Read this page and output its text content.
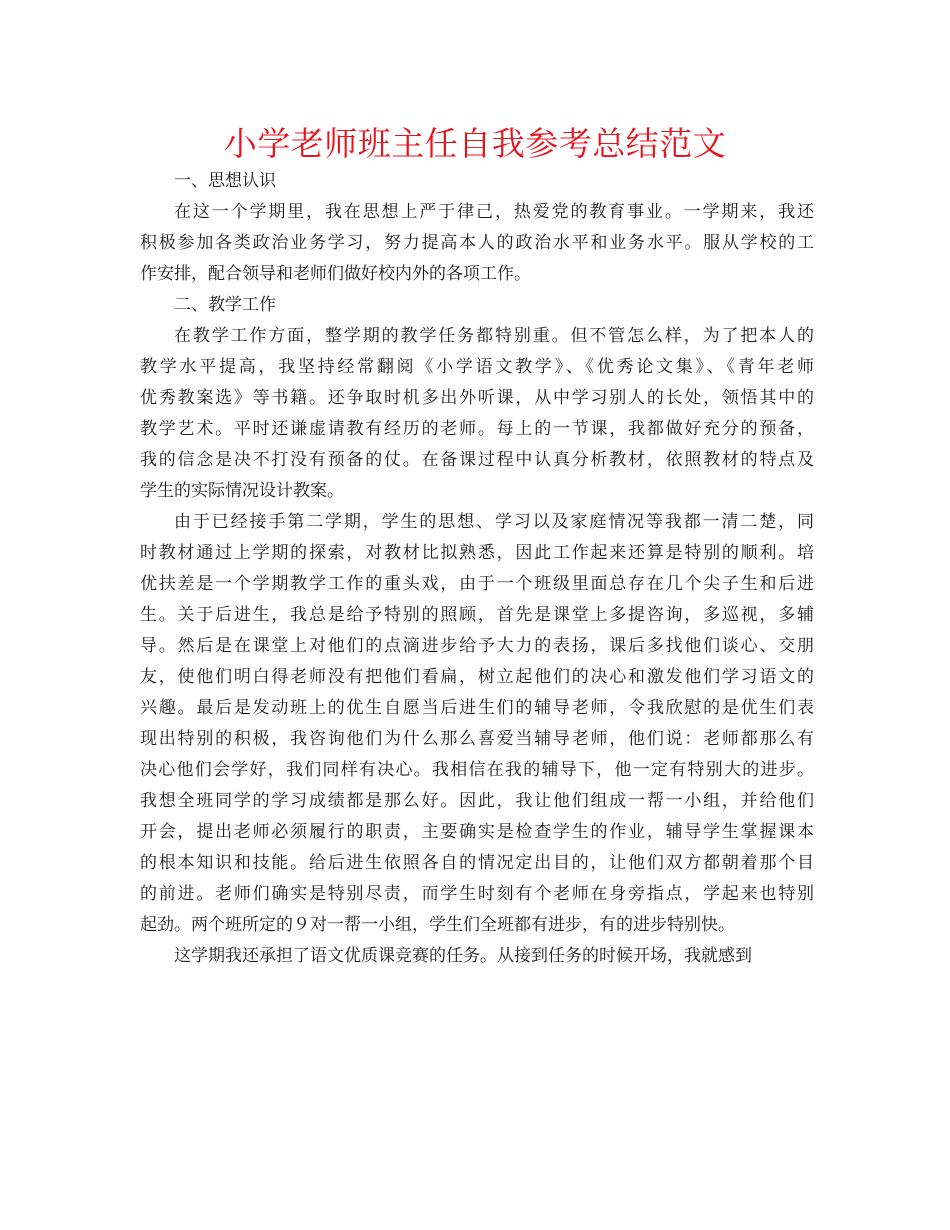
小学老师班主任自我参考总结范文

一、思想认识

在这一个学期里，我在思想上严于律己，热爱党的教育事业。一学期来，我还
积极参加各类政治业务学习，努力提高本人的政治水平和业务水平。服从学校的工
作安排，配合领导和老师们做好校内外的各项工作。

二、教学工作

在教学工作方面，整学期的教学任务都特别重。但不管怎么样，为了把本人的
教学水平提高，我坚持经常翻阅《小学语文教学》、《优秀论文集》、《青年老师
优秀教案选》等书籍。还争取时机多出外听课，从中学习别人的长处，领悟其中的
教学艺术。平时还谦虚请教有经历的老师。每上的一节课，我都做好充分的预备，
我的信念是决不打没有预备的仗。在备课过程中认真分析教材，依照教材的特点及
学生的实际情况设计教案。
由于已经接手第二学期，学生的思想、学习以及家庭情况等我都一清二楚，同
时教材通过上学期的探索，对教材比拟熟悉，因此工作起来还算是特别的顺利。培
优扶差是一个学期教学工作的重头戏，由于一个班级里面总存在几个尖子生和后进
生。关于后进生，我总是给予特别的照顾，首先是课堂上多提咨询，多巡视，多辅
导。然后是在课堂上对他们的点滴进步给予大力的表扬，课后多找他们谈心、交朋
友，使他们明白得老师没有把他们看扁，树立起他们的决心和激发他们学习语文的
兴趣。最后是发动班上的优生自愿当后进生们的辅导老师，令我欣慰的是优生们表
现出特别的积极，我咨询他们为什么那么喜爱当辅导老师，他们说：老师都那么有
决心他们会学好，我们同样有决心。我相信在我的辅导下，他一定有特别大的进步。
我想全班同学的学习成绩都是那么好。因此，我让他们组成一帮一小组，并给他们
开会，提出老师必须履行的职责，主要确实是检查学生的作业，辅导学生掌握课本
的根本知识和技能。给后进生依照各自的情况定出目的，让他们双方都朝着那个目
的前进。老师们确实是特别尽责，而学生时刻有个老师在身旁指点，学起来也特别
起劲。两个班所定的９对一帮一小组，学生们全班都有进步，有的进步特别快。
这学期我还承担了语文优质课竞赛的任务。从接到任务的时候开场，我就感到
